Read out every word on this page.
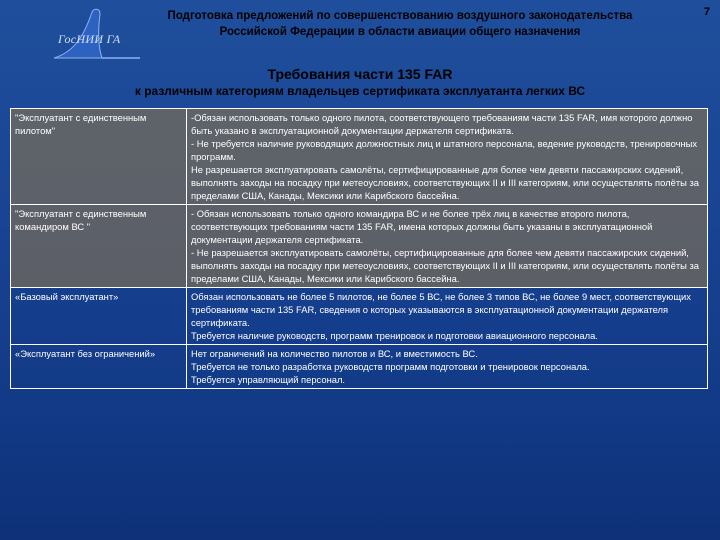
ГосНИИ ГА
Подготовка предложений по совершенствованию воздушного законодательства
Российской Федерации в области авиации общего назначения
7
Требования части 135 FAR
к различным категориям владельцев сертификата эксплуатанта легких ВС
"Эксплуатант с единственным пилотом"
-Обязан использовать только одного пилота, соответствующего требованиям части 135 FAR, имя которого должно быть указано в эксплуатационной документации держателя сертификата.
- Не требуется наличие руководящих должностных лиц и штатного персонала, ведение руководств, тренировочных программ.
Не разрешается эксплуатировать самолёты, сертифицированные для более чем девяти пассажирских сидений, выполнять заходы на посадку при метеоусловиях, соответствующих II и III категориям, или осуществлять полёты за пределами США, Канады, Мексики или Карибского бассейна.
"Эксплуатант с единственным командиром ВС "
- Обязан использовать только одного командира ВС и не более трёх лиц в качестве второго пилота, соответствующих требованиям части 135 FAR, имена которых должны быть указаны в эксплуатационной документации держателя сертификата.
- Не разрешается эксплуатировать самолёты, сертифицированные для более чем девяти пассажирских сидений, выполнять заходы на посадку при метеоусловиях, соответствующих II и III категориям, или осуществлять полёты за пределами США, Канады, Мексики или Карибского бассейна.
«Базовый эксплуатант»	Обязан использовать не более 5 пилотов, не более 5 ВС, не более 3 типов ВС, не более 9 мест, соответствующих требованиям части 135 FAR, сведения о которых указываются в эксплуатационной документации держателя сертификата.
Требуется наличие руководств, программ тренировок и подготовки авиационного персонала.
«Эксплуатант без ограничений»	Нет ограничений на количество пилотов и ВС, и вместимость ВС.
Требуется не только разработка руководств программ подготовки и тренировок персонала.
Требуется управляющий персонал.
